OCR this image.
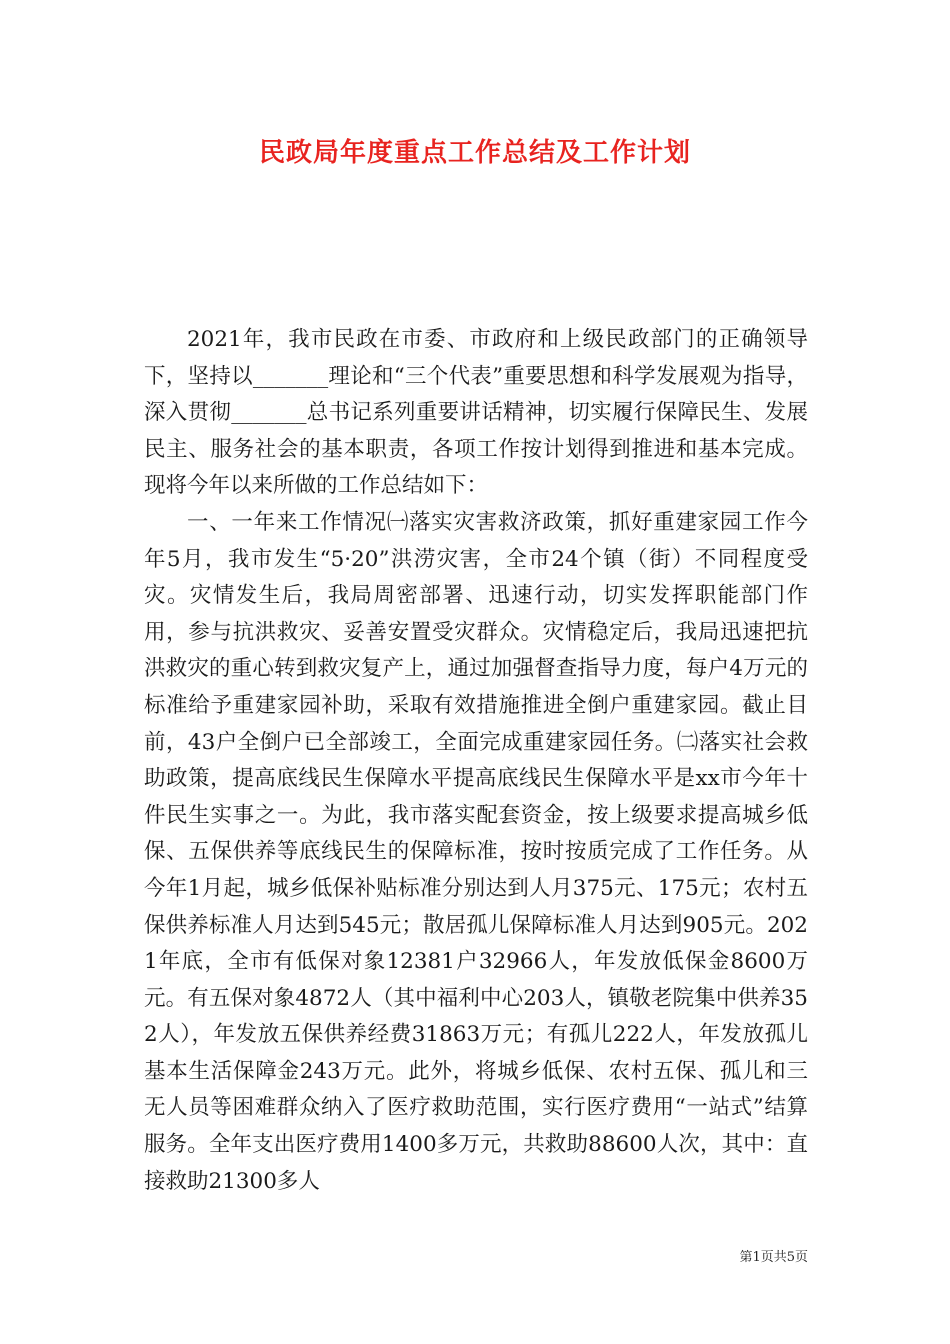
民政局年度重点工作总结及工作计划

2021年，我市民政在市委、市政府和上级民政部门的正确领导下，坚持以_______理论和“三个代表”重要思想和科学发展观为指导，深入贯彻_______总书记系列重要讲话精神，切实履行保障民生、发展民主、服务社会的基本职责，各项工作按计划得到推进和基本完成。现将今年以来所做的工作总结如下：

一、一年来工作情况㈠落实灾害救济政策，抓好重建家园工作今年5月，我市发生“5·20”洪涝灾害，全市24个镇（街）不同程度受灾。灾情发生后，我局周密部署、迅速行动，切实发挥职能部门作用，参与抗洪救灾、妥善安置受灾群众。灾情稳定后，我局迅速把抗洪救灾的重心转到救灾复产上，通过加强督查指导力度，每户4万元的标准给予重建家园补助，采取有效措施推进全倒户重建家园。截止目前，43户全倒户已全部竣工，全面完成重建家园任务。㈡落实社会救助政策，提高底线民生保障水平提高底线民生保障水平是xx市今年十件民生实事之一。为此，我市落实配套资金，按上级要求提高城乡低保、五保供养等底线民生的保障标准，按时按质完成了工作任务。从今年1月起，城乡低保补贴标准分别达到人月375元、175元；农村五保供养标准人月达到545元；散居孤儿保障标准人月达到905元。2021年底，全市有低保对象12381户32966人，年发放低保金8600万元。有五保对象4872人（其中福利中心203人，镇敬老院集中供养352人），年发放五保供养经费31863万元；有孤儿222人，年发放孤儿基本生活保障金243万元。此外，将城乡低保、农村五保、孤儿和三无人员等困难群众纳入了医疗救助范围，实行医疗费用“一站式”结算服务。全年支出医疗费用1400多万元，共救助88600人次，其中：直接救助21300多人

第1页共5页
